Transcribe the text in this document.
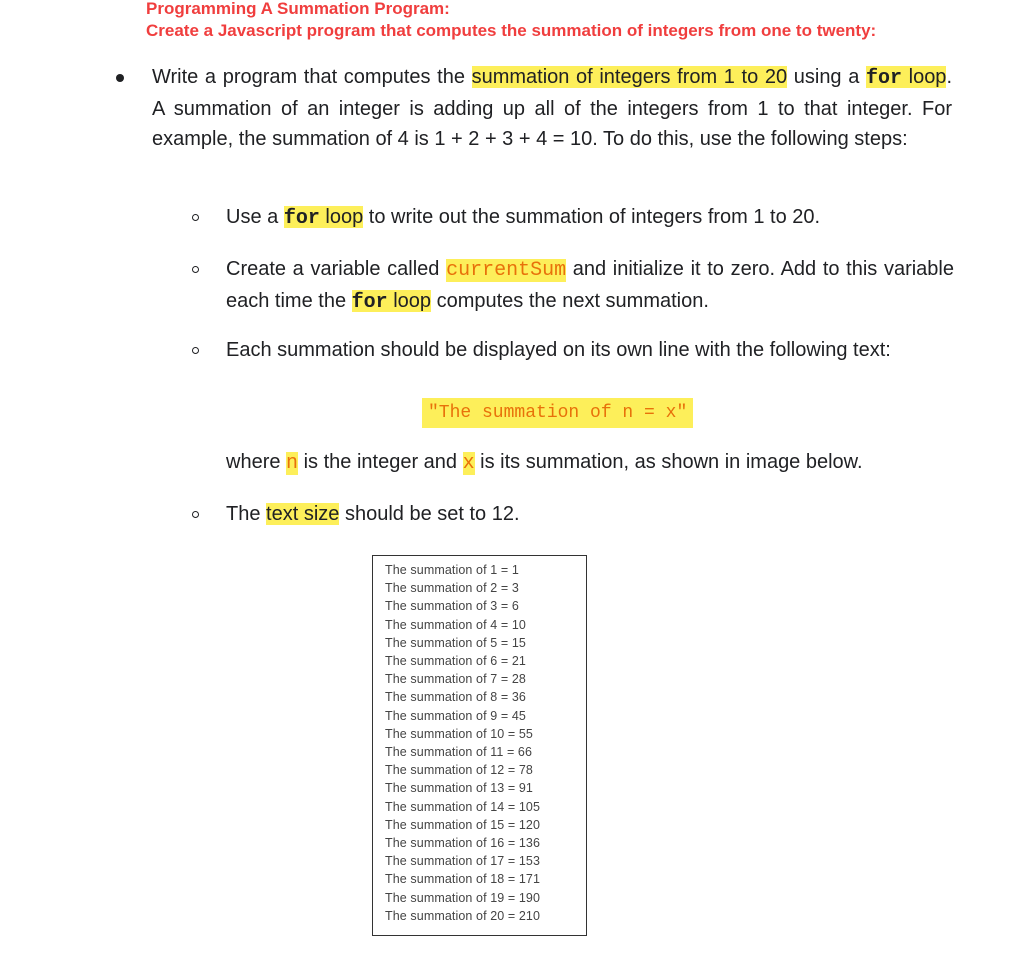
Programming A Summation Program:

Create a Javascript program that computes the summation of integers from one to twenty:

Write a program that computes the summation of integers from 1 to 20 using a for loop. A summation of an integer is adding up all of the integers from 1 to that integer. For example, the summation of 4 is 1 + 2 + 3 + 4 = 10. To do this, use the following steps:

Use a for loop to write out the summation of integers from 1 to 20.

Create a variable called currentSum and initialize it to zero. Add to this variable each time the for loop computes the next summation.

Each summation should be displayed on its own line with the following text:

"The summation of n = x"

where n is the integer and x is its summation, as shown in image below.

The text size should be set to 12.

The summation of 1 = 1
The summation of 2 = 3
The summation of 3 = 6
The summation of 4 = 10
The summation of 5 = 15
The summation of 6 = 21
The summation of 7 = 28
The summation of 8 = 36
The summation of 9 = 45
The summation of 10 = 55
The summation of 11 = 66
The summation of 12 = 78
The summation of 13 = 91
The summation of 14 = 105
The summation of 15 = 120
The summation of 16 = 136
The summation of 17 = 153
The summation of 18 = 171
The summation of 19 = 190
The summation of 20 = 210
